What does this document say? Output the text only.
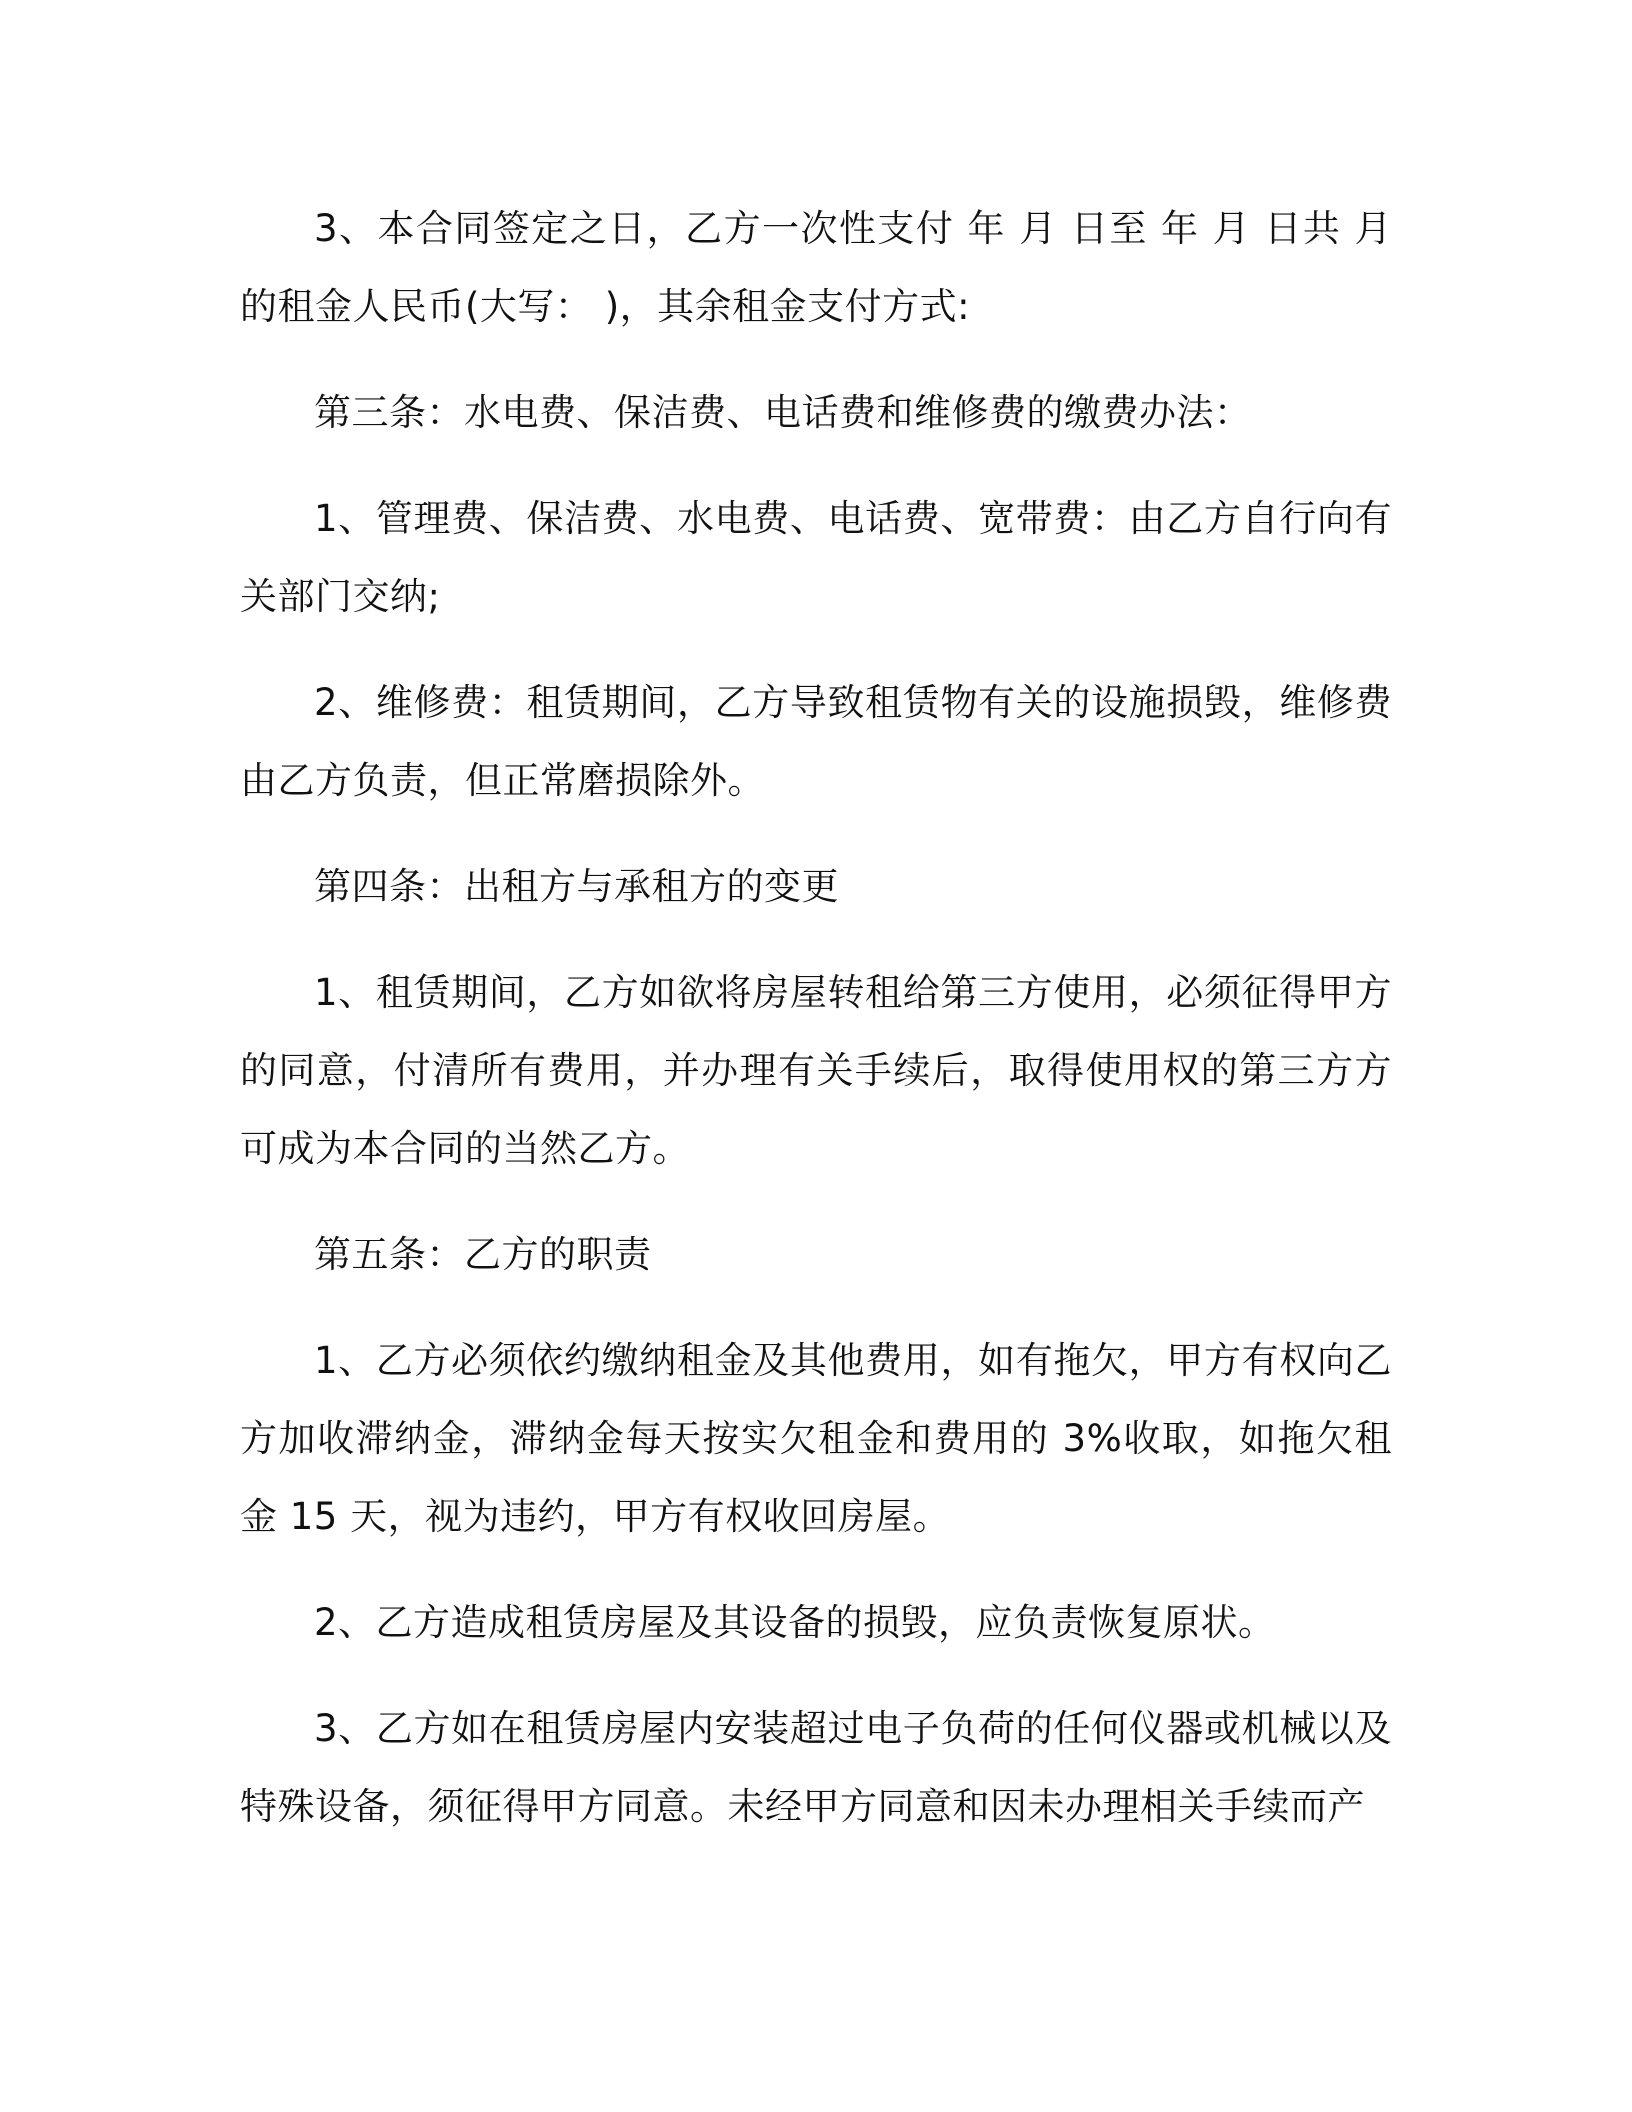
3、本合同签定之日，乙方一次性支付 年 月 日至 年 月 日共 月的租金人民币(大写： )，其余租金支付方式:

第三条：水电费、保洁费、电话费和维修费的缴费办法：

1、管理费、保洁费、水电费、电话费、宽带费：由乙方自行向有关部门交纳;

2、维修费：租赁期间，乙方导致租赁物有关的设施损毁，维修费由乙方负责，但正常磨损除外。

第四条：出租方与承租方的变更

1、租赁期间，乙方如欲将房屋转租给第三方使用，必须征得甲方的同意，付清所有费用，并办理有关手续后，取得使用权的第三方方可成为本合同的当然乙方。

第五条：乙方的职责

1、乙方必须依约缴纳租金及其他费用，如有拖欠，甲方有权向乙方加收滞纳金，滞纳金每天按实欠租金和费用的 3%收取，如拖欠租金 15 天，视为违约，甲方有权收回房屋。

2、乙方造成租赁房屋及其设备的损毁，应负责恢复原状。

3、乙方如在租赁房屋内安装超过电子负荷的任何仪器或机械以及特殊设备，须征得甲方同意。未经甲方同意和因未办理相关手续而产
